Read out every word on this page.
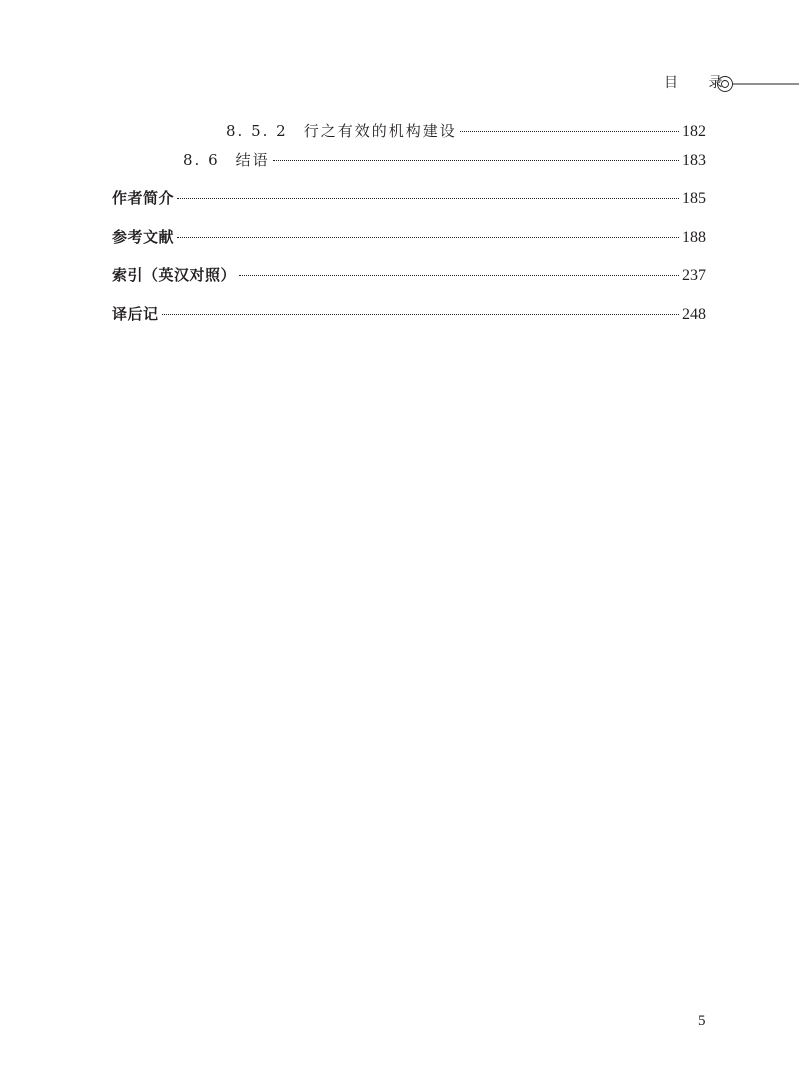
目 录
8. 5. 2	行之有效的机构建设	182
8. 6	结语	183
作者简介	185
参考文献	188
索引（英汉对照）	237
译后记	248
5
